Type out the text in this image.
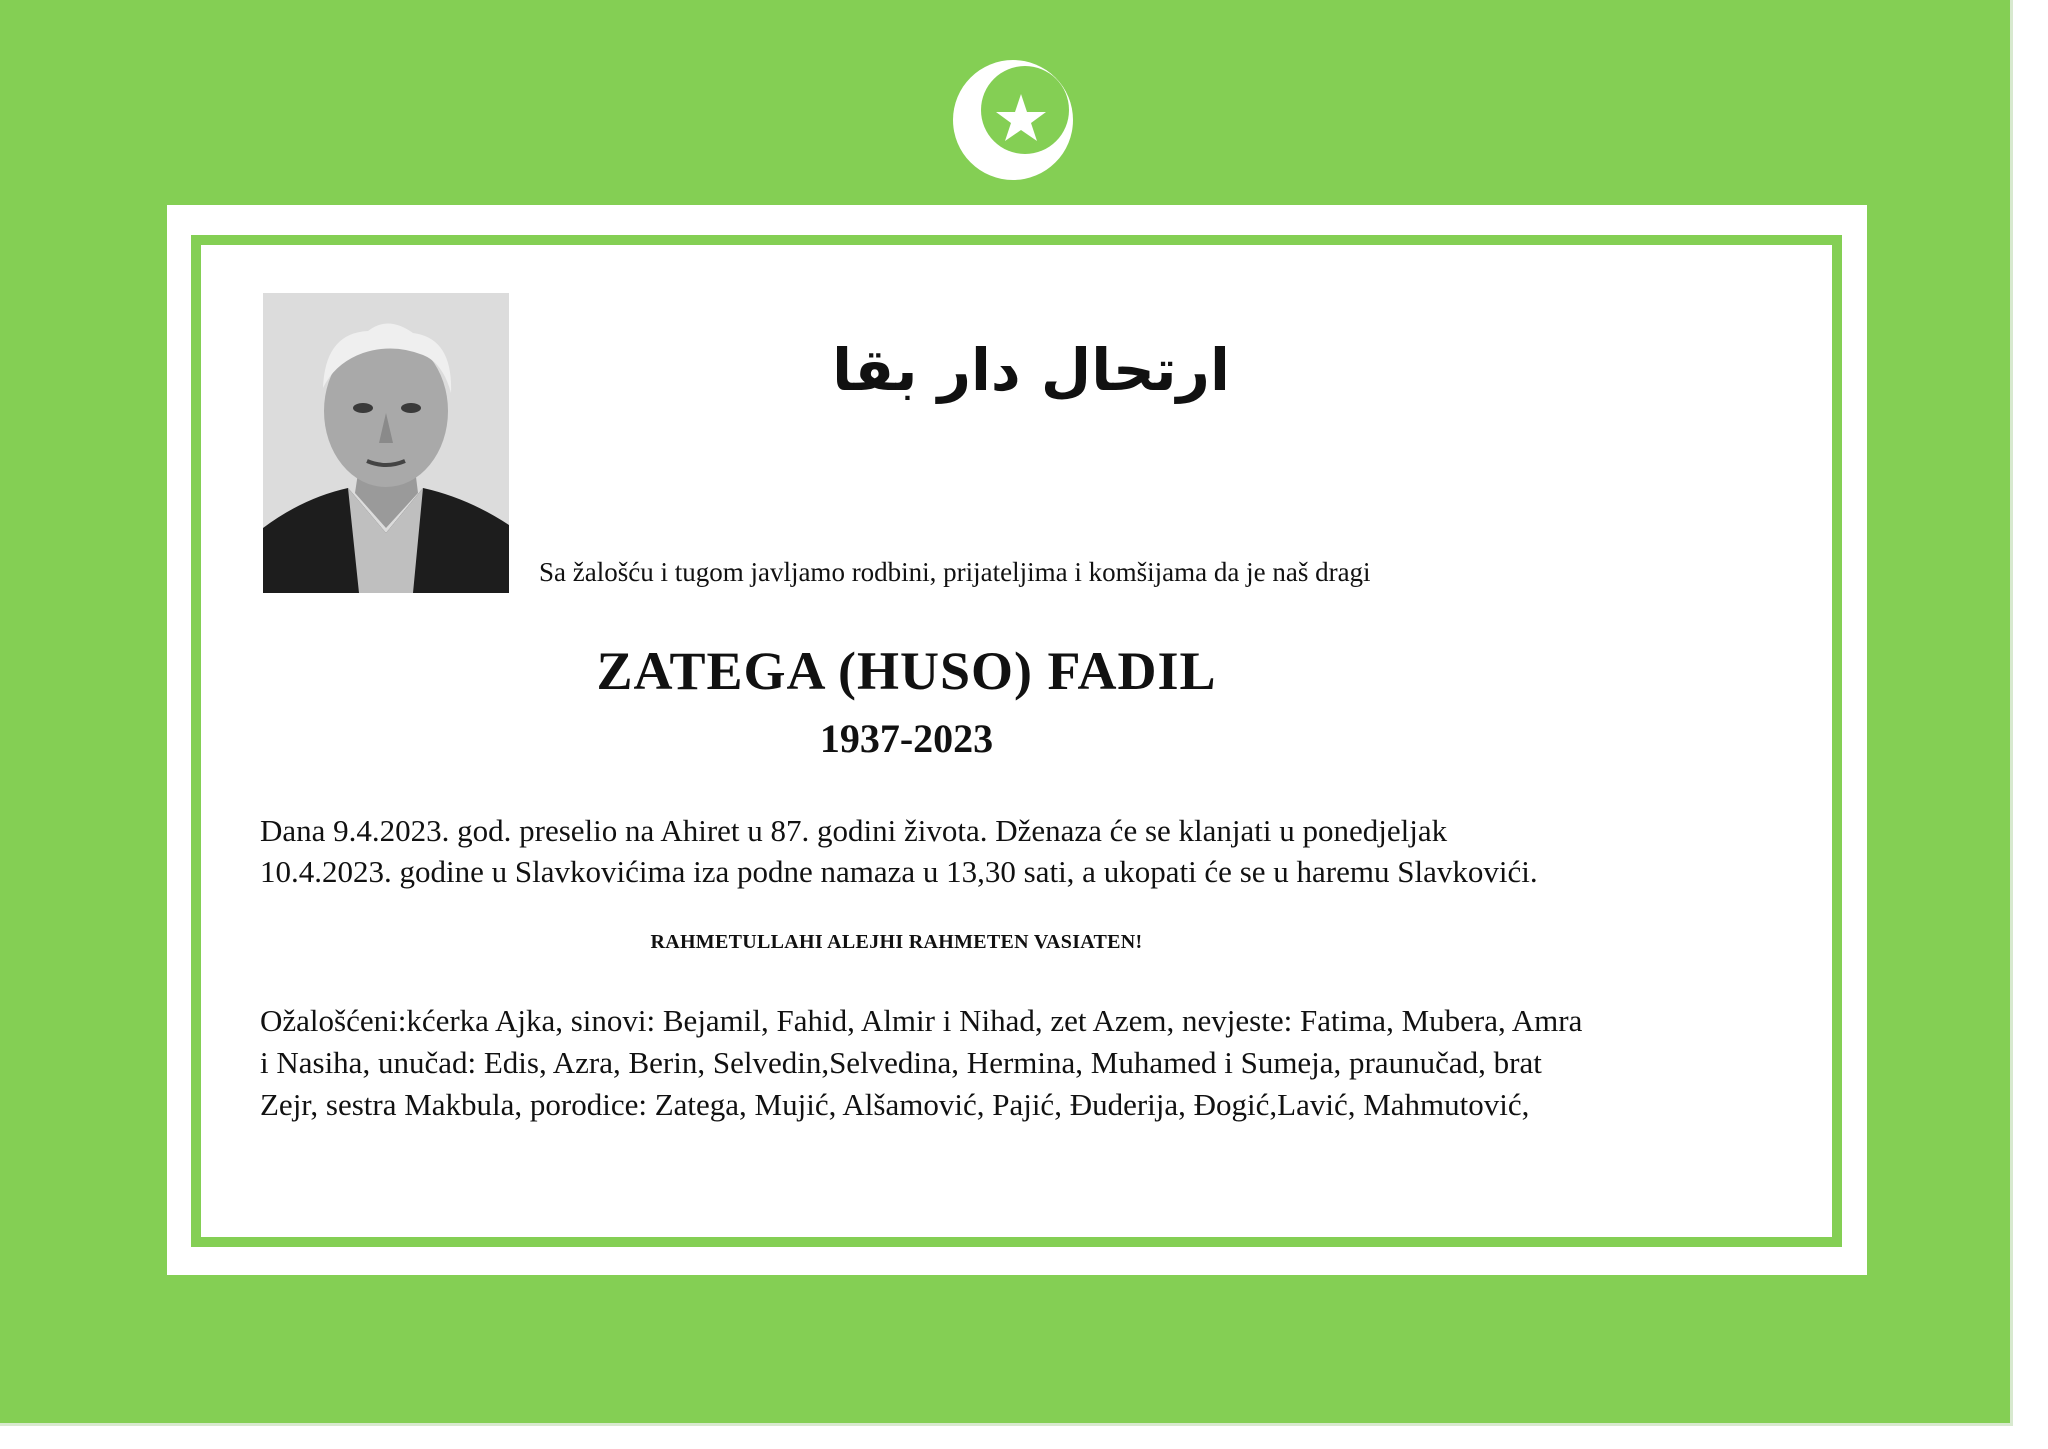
ارتحال دار بقا
Sa žalošću i tugom javljamo rodbini, prijateljima i komšijama da je naš dragi
ZATEGA (HUSO) FADIL
1937-2023
Dana 9.4.2023. god. preselio na Ahiret u 87. godini života. Dženaza će se klanjati u ponedjeljak
10.4.2023. godine u Slavkovićima iza podne namaza u 13,30 sati, a ukopati će se u haremu Slavkovići.
RAHMETULLAHI ALEJHI RAHMETEN VASIATEN!
Ožalošćeni:kćerka Ajka, sinovi: Bejamil, Fahid, Almir i Nihad, zet Azem, nevjeste: Fatima, Mubera, Amra
i Nasiha, unučad: Edis, Azra, Berin, Selvedin,Selvedina, Hermina, Muhamed i Sumeja, praunučad, brat
Zejr, sestra Makbula, porodice: Zatega, Mujić, Alšamović, Pajić, Đuderija, Đogić,Lavić, Mahmutović,
